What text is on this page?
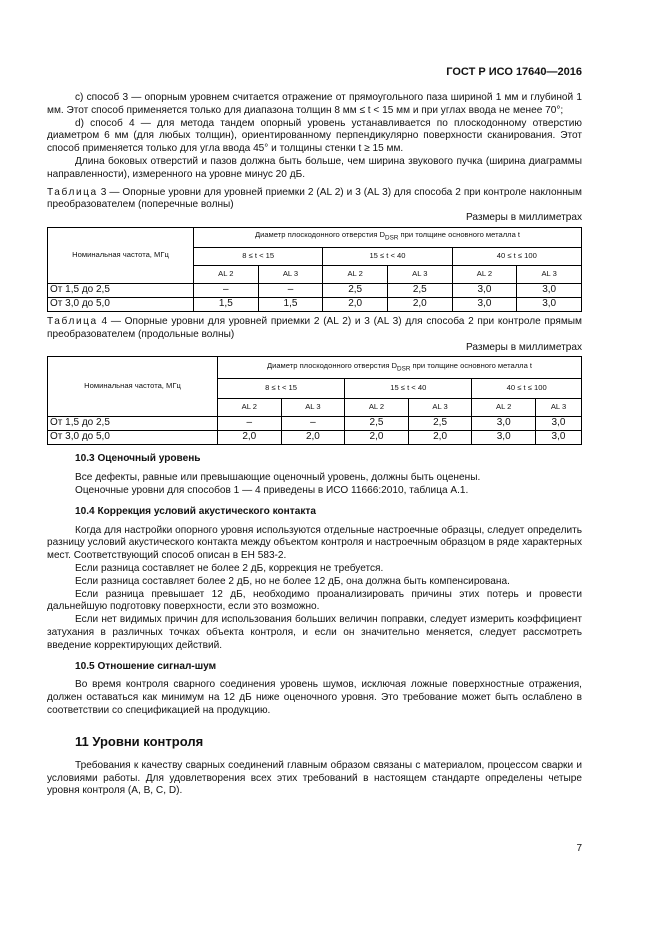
ГОСТ Р ИСО 17640—2016

c) способ 3 — опорным уровнем считается отражение от прямоугольного паза шириной 1 мм и глубиной 1 мм. Этот способ применяется только для диапазона толщин 8 мм ≤ t < 15 мм и при углах ввода не менее 70°;

d) способ 4 — для метода тандем опорный уровень устанавливается по плоскодонному отверстию диаметром 6 мм (для любых толщин), ориентированному перпендикулярно поверхности сканирования. Этот способ применяется только для угла ввода 45° и толщины стенки t ≥ 15 мм.

Длина боковых отверстий и пазов должна быть больше, чем ширина звукового пучка (ширина диаграммы направленности), измеренного на уровне минус 20 дБ.

Таблица 3 — Опорные уровни для уровней приемки 2 (AL 2) и 3 (AL 3) для способа 2 при контроле наклонным преобразователем (поперечные волны)

Размеры в миллиметрах

Номинальная частота, МГц	Диаметр плоскодонного отверстия $D_{DSR}$ при толщине основного металла t					
	8 ≤ t < 15		15 ≤ t < 40		40 ≤ t ≤ 100	
	AL 2	AL 3	AL 2	AL 3	AL 2	AL 3
От 1,5 до 2,5	–	–	2,5	2,5	3,0	3,0
От 3,0 до 5,0	1,5	1,5	2,0	2,0	3,0	3,0

Таблица 4 — Опорные уровни для уровней приемки 2 (AL 2) и 3 (AL 3) для способа 2 при контроле прямым преобразователем (продольные волны)

Размеры в миллиметрах

Номинальная частота, МГц	Диаметр плоскодонного отверстия $D_{DSR}$ при толщине основного металла t					
	8 ≤ t < 15		15 ≤ t < 40		40 ≤ t ≤ 100	
	AL 2	AL 3	AL 2	AL 3	AL 2	AL 3
От 1,5 до 2,5	–	–	2,5	2,5	3,0	3,0
От 3,0 до 5,0	2,0	2,0	2,0	2,0	3,0	3,0
10.3 Оценочный уровень

Все дефекты, равные или превышающие оценочный уровень, должны быть оценены.

Оценочные уровни для способов 1 — 4 приведены в ИСО 11666:2010, таблица А.1.

10.4 Коррекция условий акустического контакта

Когда для настройки опорного уровня используются отдельные настроечные образцы, следует определить разницу условий акустического контакта между объектом контроля и настроечным образцом в ряде характерных мест. Соответствующий способ описан в ЕН 583-2.

Если разница составляет не более 2 дБ, коррекция не требуется.

Если разница составляет более 2 дБ, но не более 12 дБ, она должна быть компенсирована.

Если разница превышает 12 дБ, необходимо проанализировать причины этих потерь и провести дальнейшую подготовку поверхности, если это возможно.

Если нет видимых причин для использования больших величин поправки, следует измерить коэффициент затухания в различных точках объекта контроля, и если он значительно меняется, следует рассмотреть введение корректирующих действий.

10.5 Отношение сигнал-шум

Во время контроля сварного соединения уровень шумов, исключая ложные поверхностные отражения, должен оставаться как минимум на 12 дБ ниже оценочного уровня. Это требование может быть ослаблено в соответствии со спецификацией на продукцию.

11 Уровни контроля

Требования к качеству сварных соединений главным образом связаны с материалом, процессом сварки и условиями работы. Для удовлетворения всех этих требований в настоящем стандарте определены четыре уровня контроля (А, В, С, D).

7
